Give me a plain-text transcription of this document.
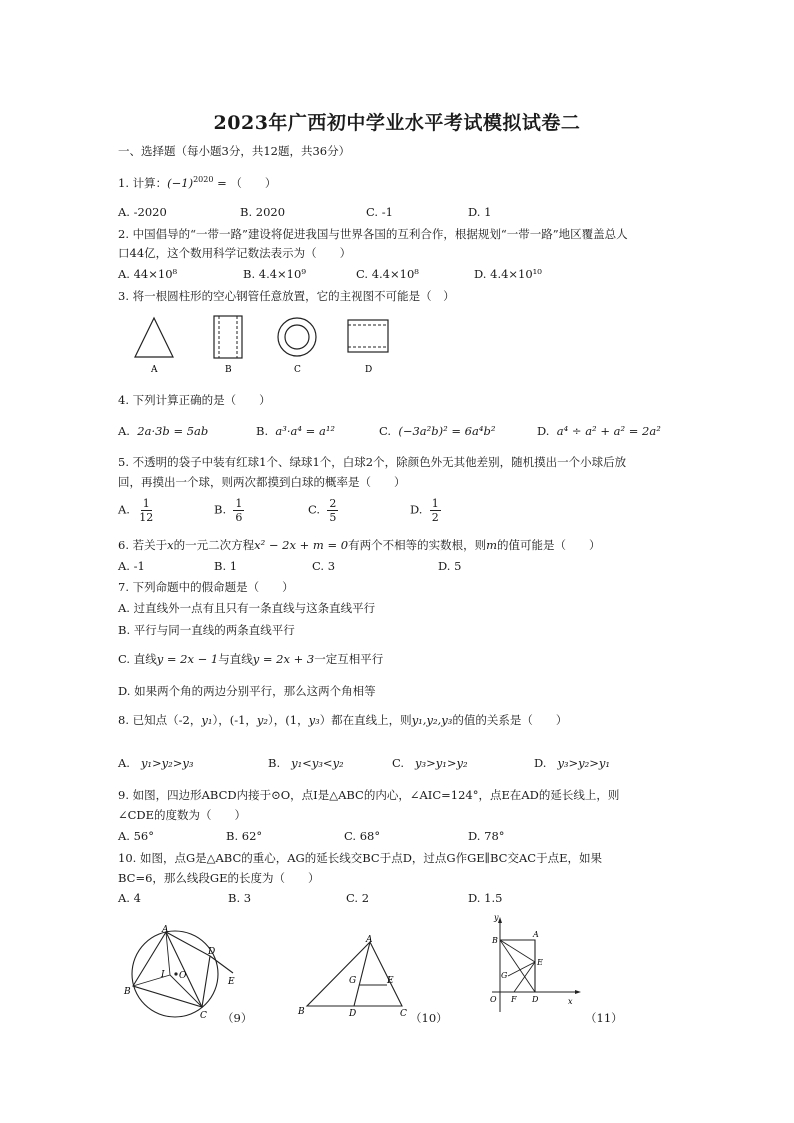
2023年广西初中学业水平考试模拟试卷二
一、选择题（每小题3分，共12题，共36分）
1. 计算：$(-1)^{2020}$ = （　　）
A. -2020	B. 2020	C. -1	D. 1
2. 中国倡导的“一带一路”建设将促进我国与世界各国的互利合作，根据规划“一带一路”地区覆盖总人
口44亿，这个数用科学记数法表示为（　　）
A. 44×10⁸	B. 4.4×10⁹	C. 4.4×10⁸	D. 4.4×10¹⁰
3. 将一根圆柱形的空心钢管任意放置，它的主视图不可能是（　）
A	B	C	D
4. 下列计算正确的是（　　）
A. 2a·3b = 5ab	B. a³·a⁴ = a¹²	C. (−3a²b)² = 6a⁴b²	D. a⁴ ÷ a² + a² = 2a²
5. 不透明的袋子中装有红球1个、绿球1个，白球2个，除颜色外无其他差别，随机摸出一个小球后放
回，再摸出一个球，则两次都摸到白球的概率是（　　）
A. $\frac{1}{12}$	B. $\frac{1}{6}$	C. $\frac{2}{5}$	D. $\frac{1}{2}$
6. 若关于x的一元二次方程x² − 2x + m = 0有两个不相等的实数根，则m的值可能是（　　）
A. -1	B. 1	C. 3	D. 5
7. 下列命题中的假命题是（　　）
A. 过直线外一点有且只有一条直线与这条直线平行
B. 平行与同一直线的两条直线平行
C. 直线y = 2x − 1与直线y = 2x + 3一定互相平行
D. 如果两个角的两边分别平行，那么这两个角相等
8. 已知点（-2，y₁），(-1，y₂），(1，y₃）都在直线上，则y₁,y₂,y₃的值的关系是（　　）
A. y₁>y₂>y₃	B. y₁<y₃<y₂	C. y₃>y₁>y₂	D. y₃>y₂>y₁
9. 如图，四边形ABCD内接于⊙O，点I是△ABC的内心，∠AIC=124°，点E在AD的延长线上，则
∠CDE的度数为（　　）
A. 56°	B. 62°	C. 68°	D. 78°
10. 如图，点G是△ABC的重心，AG的延长线交BC于点D，过点G作GE∥BC交AC于点E，如果
BC=6，那么线段GE的长度为（　　）
A. 4	B. 3	C. 2	D. 1.5
A
B
C
D
E
I O
（9）
A
B	C
D
G	E
（10）
y
x
B
A
G
E
O F D
（11）
